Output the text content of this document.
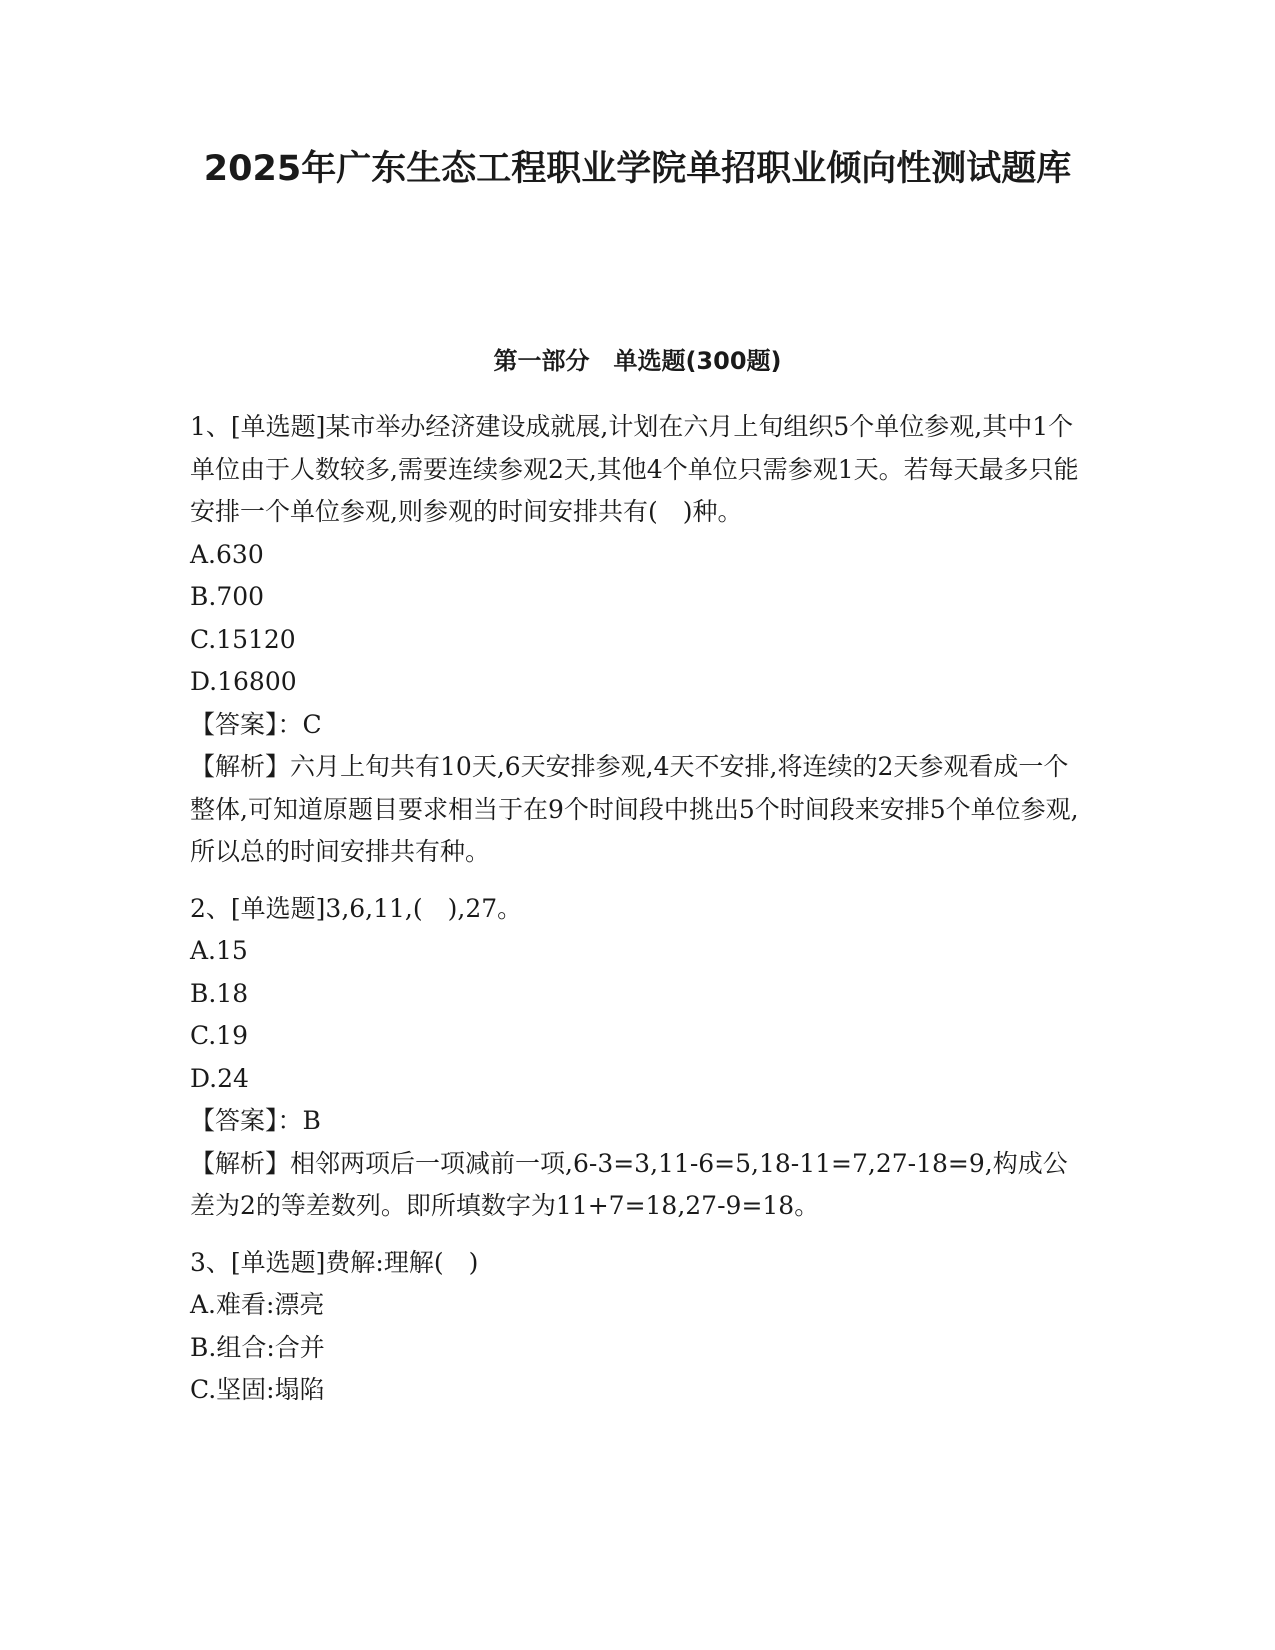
2025年广东生态工程职业学院单招职业倾向性测试题库
第一部分　单选题(300题)

1、[单选题]某市举办经济建设成就展,计划在六月上旬组织5个单位参观,其中1个单位由于人数较多,需要连续参观2天,其他4个单位只需参观1天。若每天最多只能安排一个单位参观,则参观的时间安排共有(　)种。

A.630

B.700

C.15120

D.16800

【答案】：C

【解析】六月上旬共有10天,6天安排参观,4天不安排,将连续的2天参观看成一个整体,可知道原题目要求相当于在9个时间段中挑出5个时间段来安排5个单位参观,所以总的时间安排共有种。

2、[单选题]3,6,11,(　),27。

A.15

B.18

C.19

D.24

【答案】：B

【解析】相邻两项后一项减前一项,6-3=3,11-6=5,18-11=7,27-18=9,构成公差为2的等差数列。即所填数字为11+7=18,27-9=18。

3、[单选题]费解:理解(　)

A.难看:漂亮

B.组合:合并

C.坚固:塌陷
